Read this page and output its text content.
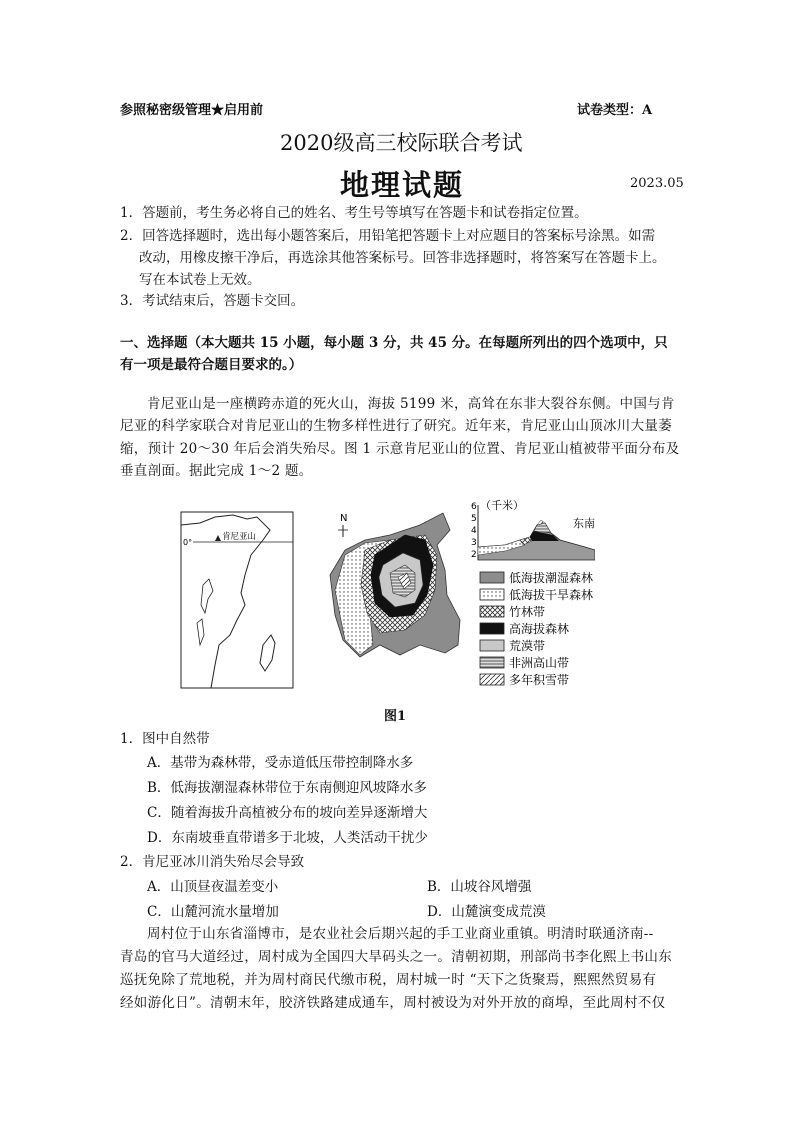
参照秘密级管理★启用前	试卷类型：A
2020级高三校际联合考试
地理试题	2023.05
1．答题前，考生务必将自己的姓名、考生号等填写在答题卡和试卷指定位置。
2．回答选择题时，选出每小题答案后，用铅笔把答题卡上对应题目的答案标号涂黑。如需
改动，用橡皮擦干净后，再选涂其他答案标号。回答非选择题时，将答案写在答题卡上。
写在本试卷上无效。
3．考试结束后，答题卡交回。
一、选择题（本大题共 15 小题，每小题 3 分，共 45 分。在每题所列出的四个选项中，只
有一项是最符合题目要求的。）
肯尼亚山是一座横跨赤道的死火山，海拔 5199 米，高耸在东非大裂谷东侧。中国与肯
尼亚的科学家联合对肯尼亚山的生物多样性进行了研究。近年来，肯尼亚山山顶冰川大量萎
缩，预计 20～30 年后会消失殆尽。图 1 示意肯尼亚山的位置、肯尼亚山植被带平面分布及
垂直剖面。据此完成 1～2 题。
0°
肯尼亚山
N
（千米）
6
5
4
3
2
东南
低海拔潮湿森林
低海拔干旱森林
竹林带
高海拔森林
荒漠带
非洲高山带
多年积雪带
图1
1．图中自然带
A．基带为森林带，受赤道低压带控制降水多
B．低海拔潮湿森林带位于东南侧迎风坡降水多
C．随着海拔升高植被分布的坡向差异逐渐增大
D．东南坡垂直带谱多于北坡，人类活动干扰少
2．肯尼亚冰川消失殆尽会导致
A．山顶昼夜温差变小	B．山坡谷风增强
C．山麓河流水量增加	D．山麓演变成荒漠
周村位于山东省淄博市，是农业社会后期兴起的手工业商业重镇。明清时联通济南--
青岛的官马大道经过，周村成为全国四大旱码头之一。清朝初期，刑部尚书李化熙上书山东
巡抚免除了荒地税，并为周村商民代缴市税，周村城一时 “天下之货聚焉，熙熙然贸易有
经如游化日”。清朝末年，胶济铁路建成通车，周村被设为对外开放的商埠，至此周村不仅
